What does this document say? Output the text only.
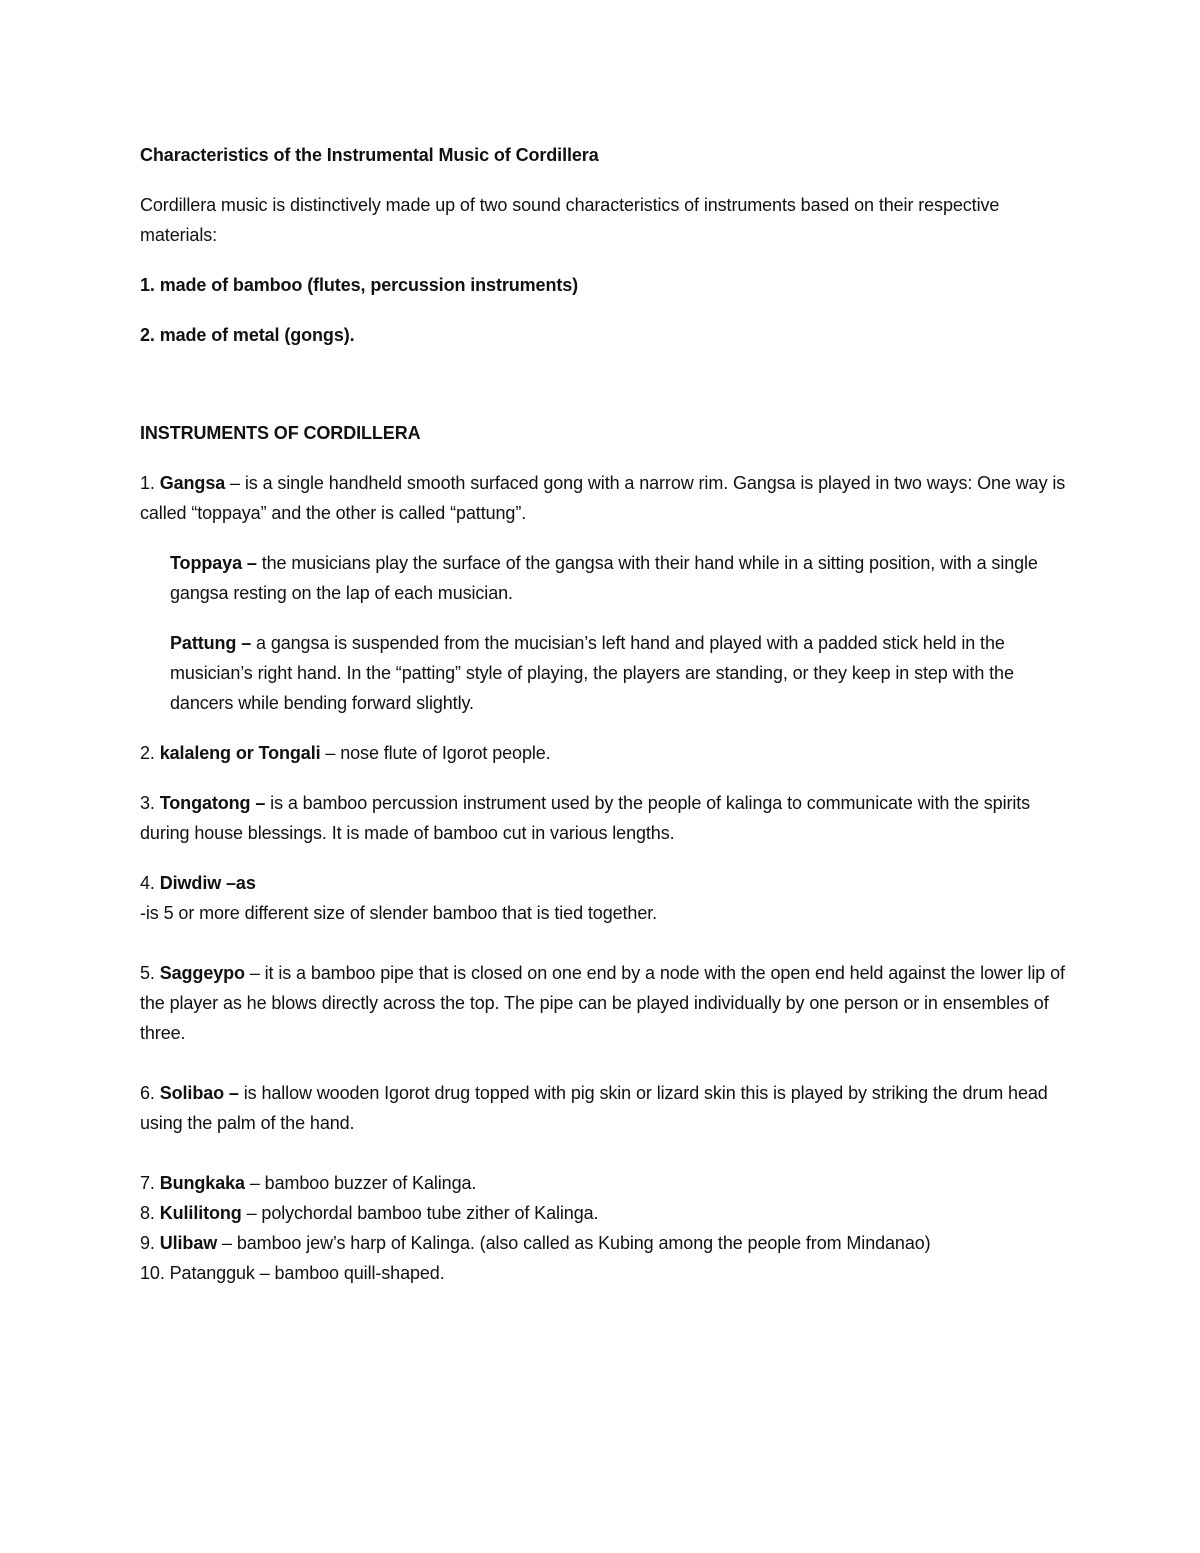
Characteristics of the Instrumental Music of Cordillera

Cordillera music is distinctively made up of two sound characteristics of instruments based on their respective materials:

1. made of bamboo (flutes, percussion instruments)

2. made of metal (gongs).

INSTRUMENTS OF CORDILLERA

1. Gangsa – is a single handheld smooth surfaced gong with a narrow rim. Gangsa is played in two ways: One way is called “toppaya” and the other is called “pattung”.

Toppaya – the musicians play the surface of the gangsa with their hand while in a sitting position, with a single gangsa resting on the lap of each musician.

Pattung – a gangsa is suspended from the mucisian’s left hand and played with a padded stick held in the musician’s right hand. In the “patting” style of playing, the players are standing, or they keep in step with the dancers while bending forward slightly.

2. kalaleng or Tongali – nose flute of Igorot people.

3. Tongatong – is a bamboo percussion instrument used by the people of kalinga to communicate with the spirits during house blessings. It is made of bamboo cut in various lengths.

4. Diwdiw –as

-is 5 or more different size of slender bamboo that is tied together.

5. Saggeypo – it is a bamboo pipe that is closed on one end by a node with the open end held against the lower lip of the player as he blows directly across the top. The pipe can be played individually by one person or in ensembles of three.

6. Solibao – is hallow wooden Igorot drug topped with pig skin or lizard skin this is played by striking the drum head using the palm of the hand.

7. Bungkaka – bamboo buzzer of Kalinga.

8. Kulilitong – polychordal bamboo tube zither of Kalinga.

9. Ulibaw – bamboo jew’s harp of Kalinga. (also called as Kubing among the people from Mindanao)

10. Patangguk – bamboo quill-shaped.
